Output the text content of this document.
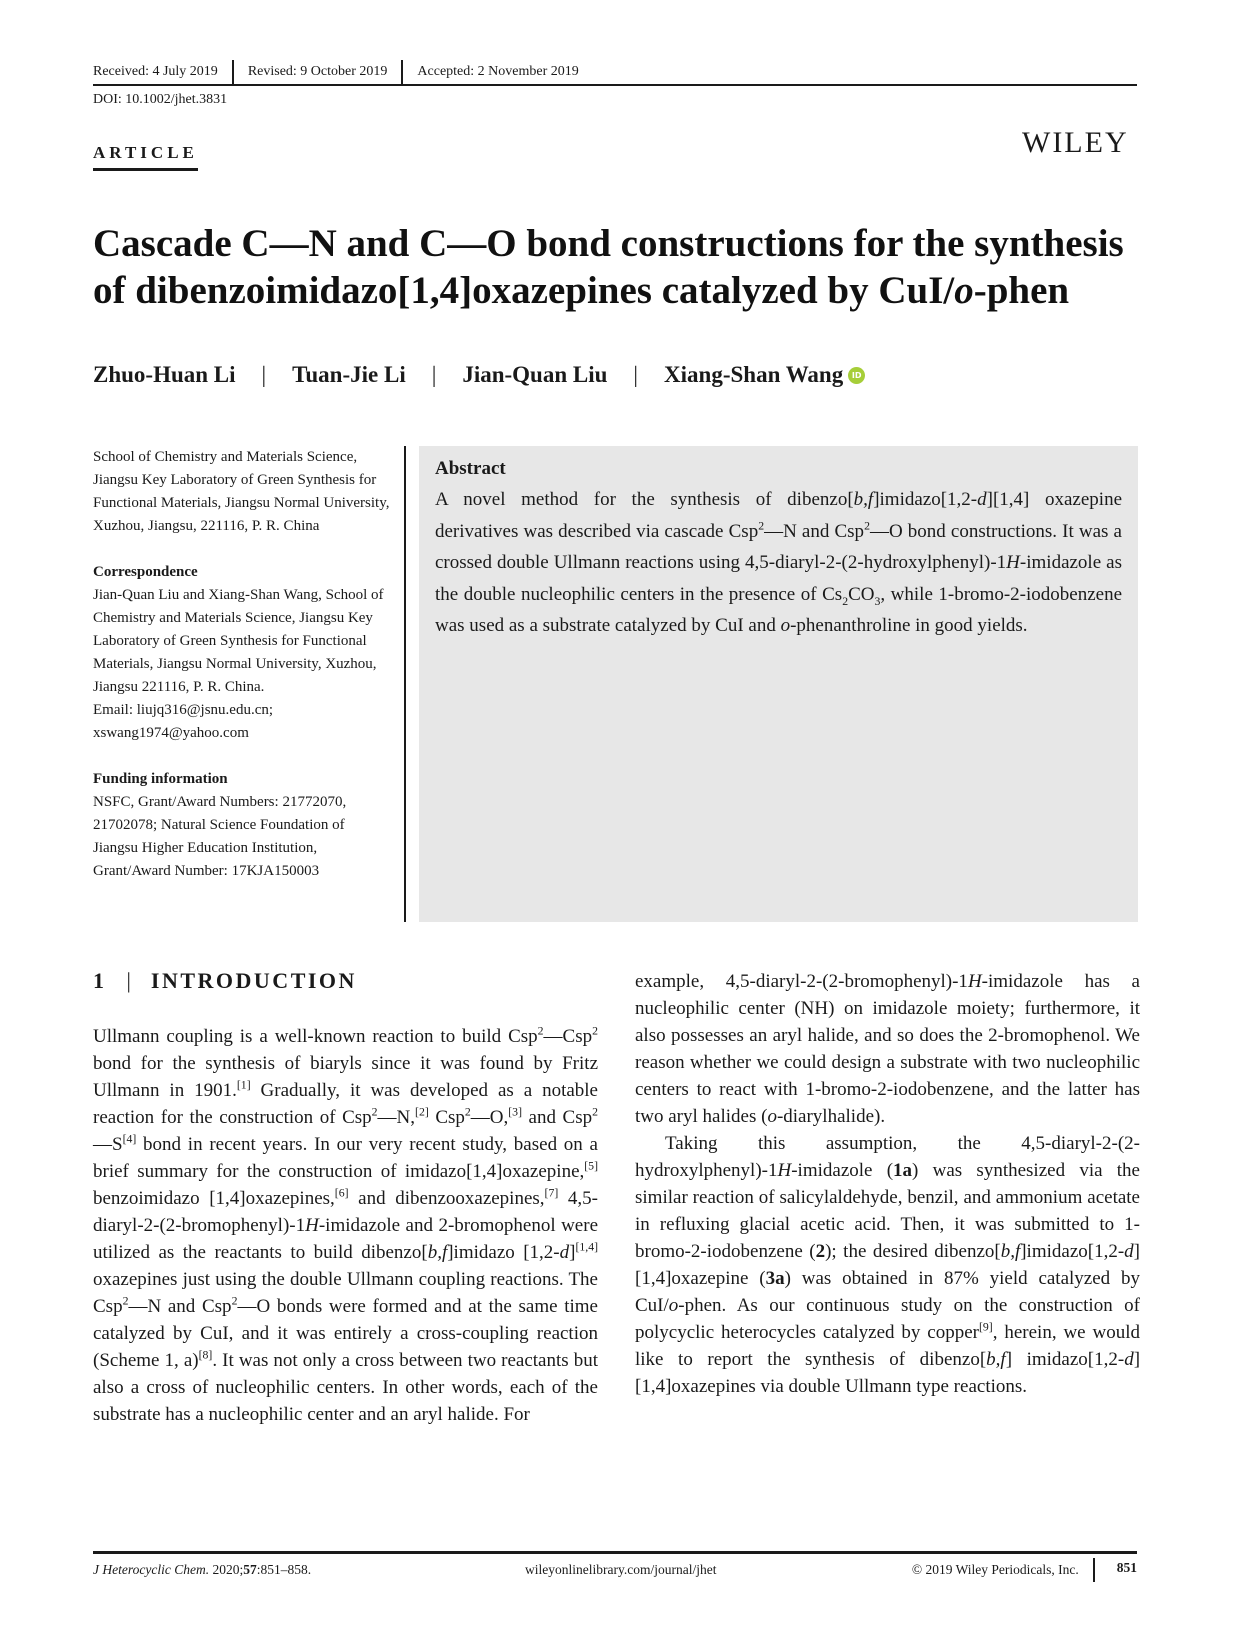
Received: 4 July 2019	Revised: 9 October 2019	Accepted: 2 November 2019
DOI: 10.1002/jhet.3831
ARTICLE	WILEY
Cascade C—N and C—O bond constructions for the synthesis
of dibenzoimidazo[1,4]oxazepines catalyzed by CuI/o-phen
Zhuo-Huan Li | Tuan-Jie Li | Jian-Quan Liu | Xiang-Shan Wang	ID
School of Chemistry and Materials Science, Jiangsu Key Laboratory of Green Synthesis for Functional Materials, Jiangsu Normal University, Xuzhou, Jiangsu, 221116, P. R. China
Correspondence
Jian-Quan Liu and Xiang-Shan Wang, School of Chemistry and Materials Science, Jiangsu Key Laboratory of Green Synthesis for Functional Materials, Jiangsu Normal University, Xuzhou, Jiangsu 221116, P. R. China.
Email: liujq316@jsnu.edu.cn;
xswang1974@yahoo.com
Funding information
NSFC, Grant/Award Numbers: 21772070, 21702078; Natural Science Foundation of Jiangsu Higher Education Institution, Grant/Award Number: 17KJA150003
Abstract
A novel method for the synthesis of dibenzo[b,f]imidazo[1,2-d][1,4] oxazepine derivatives was described via cascade Csp$^2$—N and Csp$^2$—O bond constructions. It was a crossed double Ullmann reactions using 4,5-diaryl-2-(2-hydroxylphenyl)-1H-imidazole as the double nucleophilic centers in the presence of $Cs_2CO_3$, while 1-bromo-2-iodobenzene was used as a substrate catalyzed by CuI and o-phenanthroline in good yields.
1 | INTRODUCTION

Ullmann coupling is a well-known reaction to build Csp$^2$—Csp$^2$ bond for the synthesis of biaryls since it was found by Fritz Ullmann in 1901.[1] Gradually, it was developed as a notable reaction for the construction of Csp$^2$—N,[2] Csp$^2$—O,[3] and Csp$^2$—S[4] bond in recent years. In our very recent study, based on a brief summary for the construction of imidazo[1,4]oxazepine,[5] benzoimidazo [1,4]oxazepines,[6] and dibenzooxazepines,[7] 4,5-diaryl-2-(2-bromophenyl)-1H-imidazole and 2-bromophenol were utilized as the reactants to build dibenzo[b,f]imidazo [1,2-d][1,4] oxazepines just using the double Ullmann coupling reactions. The Csp$^2$—N and Csp$^2$—O bonds were formed and at the same time catalyzed by CuI, and it was entirely a cross-coupling reaction (Scheme 1, a)[8]. It was not only a cross between two reactants but also a cross of nucleophilic centers. In other words, each of the substrate has a nucleophilic center and an aryl halide. For

example, 4,5-diaryl-2-(2-bromophenyl)-1H-imidazole has a nucleophilic center (NH) on imidazole moiety; furthermore, it also possesses an aryl halide, and so does the 2-bromophenol. We reason whether we could design a substrate with two nucleophilic centers to react with 1-bromo-2-iodobenzene, and the latter has two aryl halides (o-diarylhalide).

Taking this assumption, the 4,5-diaryl-2-(2-hydroxylphenyl)-1H-imidazole (1a) was synthesized via the similar reaction of salicylaldehyde, benzil, and ammonium acetate in refluxing glacial acetic acid. Then, it was submitted to 1-bromo-2-iodobenzene (2); the desired dibenzo[b,f]imidazo[1,2-d][1,4]oxazepine (3a) was obtained in 87% yield catalyzed by CuI/o-phen. As our continuous study on the construction of polycyclic heterocycles catalyzed by copper[9], herein, we would like to report the synthesis of dibenzo[b,f] imidazo[1,2-d][1,4]oxazepines via double Ullmann type reactions.

J Heterocyclic Chem. 2020;57:851–858.	wileyonlinelibrary.com/journal/jhet	© 2019 Wiley Periodicals, Inc.	851
